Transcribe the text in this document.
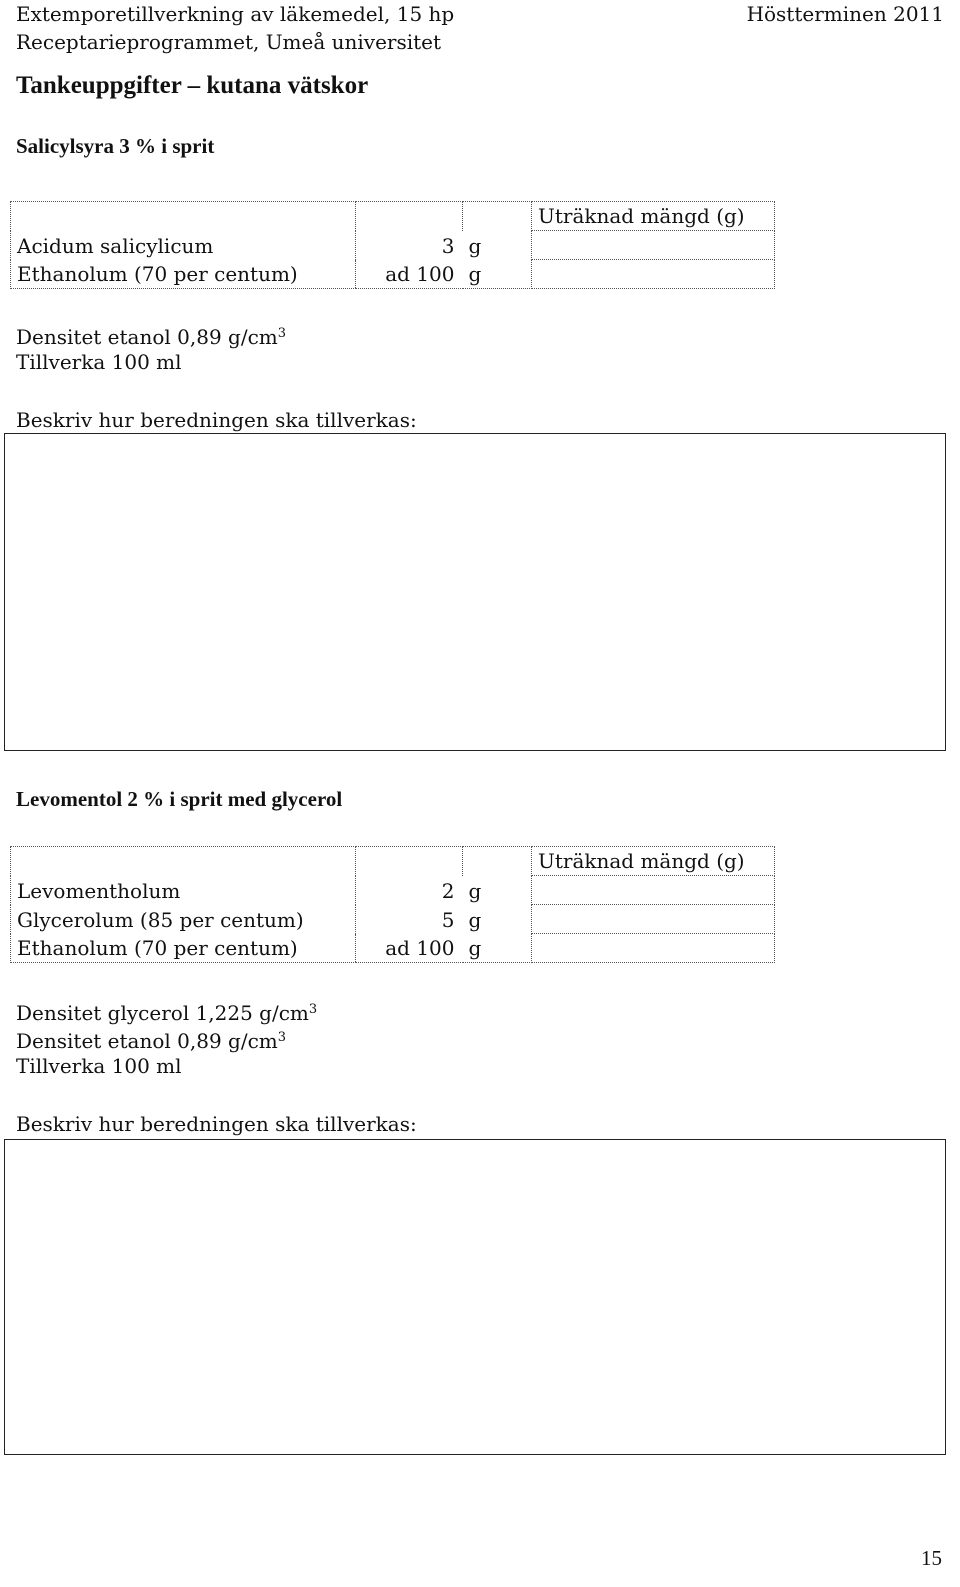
Extemporetillverkning av läkemedel, 15 hp
Receptarieprogrammet, Umeå universitet
Höstterminen 2011
Tankeuppgifter – kutana vätskor
Salicylsyra 3 % i sprit
			Uträknad mängd (g)
Acidum salicylicum	3	g	
Ethanolum (70 per centum)	ad 100	g	
Densitet etanol 0,89 $g/cm^3$
Tillverka 100 ml
Beskriv hur beredningen ska tillverkas:
Levomentol 2 % i sprit med glycerol
			Uträknad mängd (g)
Levomentholum	2	g	
Glycerolum (85 per centum)	5	g	
Ethanolum (70 per centum)	ad 100	g	
Densitet glycerol 1,225 $g/cm^3$
Densitet etanol 0,89 $g/cm^3$
Tillverka 100 ml
Beskriv hur beredningen ska tillverkas:
15
